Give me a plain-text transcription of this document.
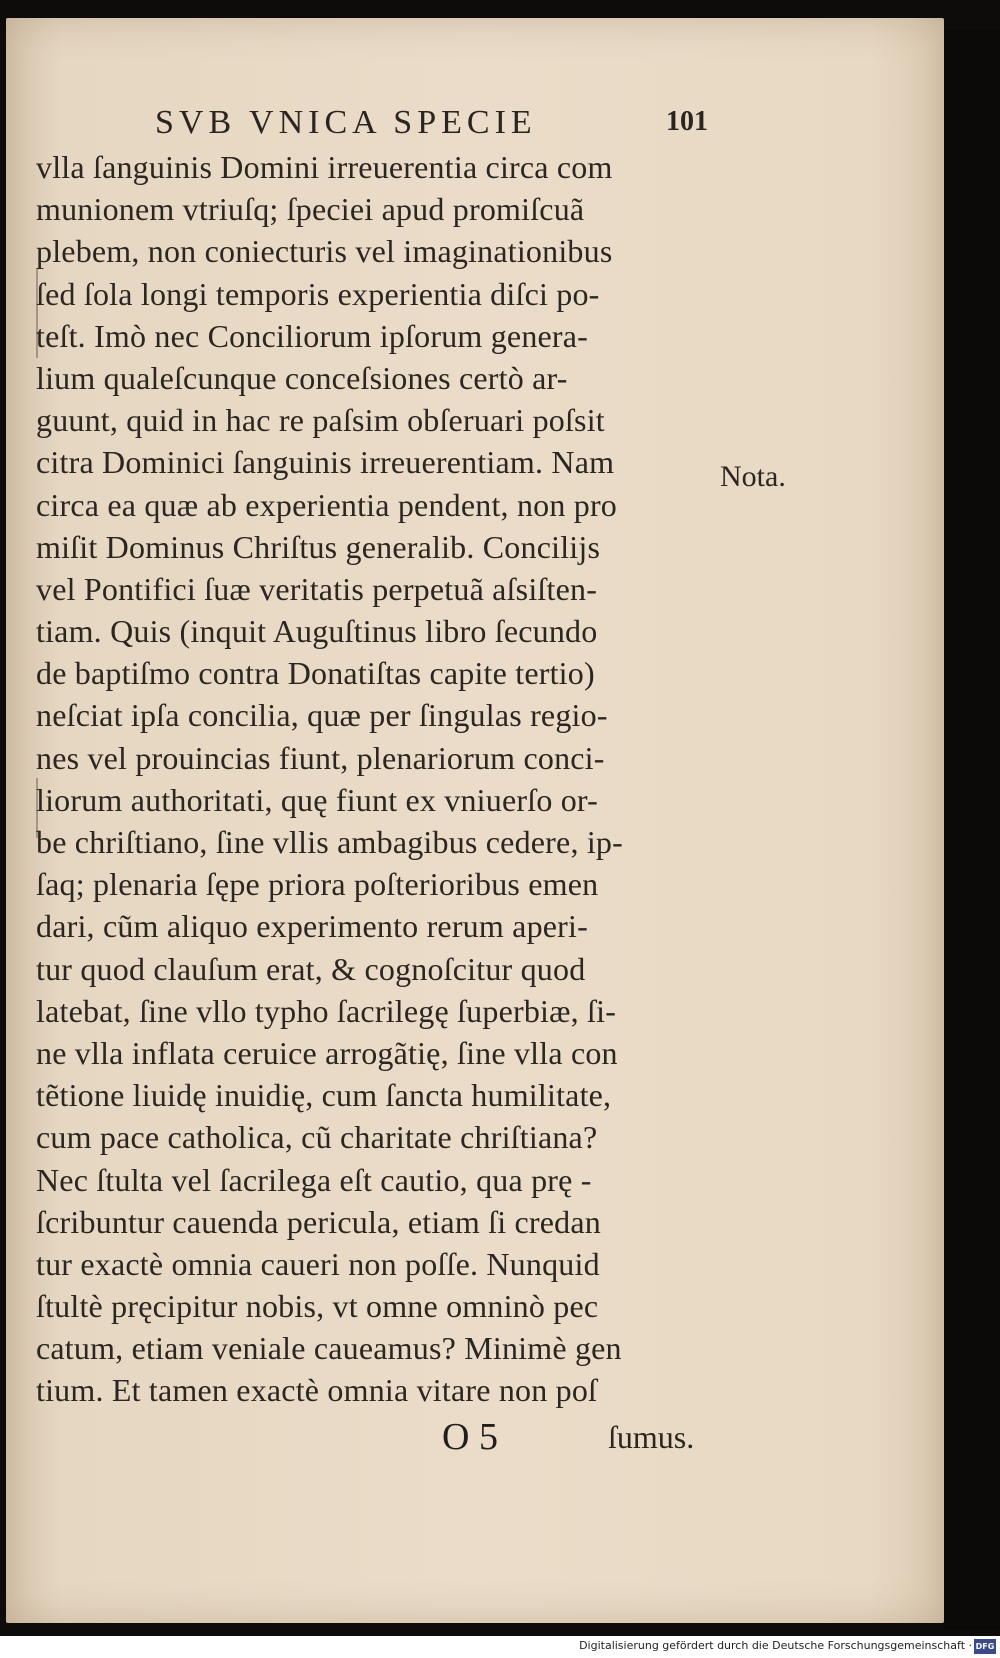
SVB VNICA SPECIE	101
vlla ſanguinis Domini irreuerentia circa com
munionem vtriuſq; ſpeciei apud promiſcuã
plebem, non coniecturis vel imaginationibus
ſed ſola longi temporis experientia diſci po-
teſt. Imò nec Conciliorum ipſorum genera-
lium qualeſcunque conceſsiones certò ar-
guunt, quid in hac re paſsim obſeruari poſsit
citra Dominici ſanguinis irreuerentiam. Nam
circa ea quæ ab experientia pendent, non pro
miſit Dominus Chriſtus generalib. Concilijs
vel Pontifici ſuæ veritatis perpetuã aſsiſten-
tiam. Quis (inquit Auguſtinus libro ſecundo
de baptiſmo contra Donatiſtas capite tertio)
neſciat ipſa concilia, quæ per ſingulas regio-
nes vel prouincias fiunt, plenariorum conci-
liorum authoritati, quę fiunt ex vniuerſo or-
be chriſtiano, ſine vllis ambagibus cedere, ip-
ſaq; plenaria ſępe priora poſterioribus emen
dari, cũm aliquo experimento rerum aperi-
tur quod clauſum erat, & cognoſcitur quod
latebat, ſine vllo typho ſacrilegę ſuperbiæ, ſi-
ne vlla inflata ceruice arrogãtię, ſine vlla con
tẽtione liuidę inuidię, cum ſancta humilitate,
cum pace catholica, cũ charitate chriſtiana?
Nec ſtulta vel ſacrilega eſt cautio, qua prę -
ſcribuntur cauenda pericula, etiam ſi credan
tur exactè omnia caueri non poſſe. Nunquid
ſtultè pręcipitur nobis, vt omne omninò pec
catum, etiam veniale caueamus? Minimè gen
tium. Et tamen exactè omnia vitare non poſ
Nota.
O 5	ſumus.
Digitalisierung gefördert durch die Deutsche Forschungsgemeinschaft · DFG
